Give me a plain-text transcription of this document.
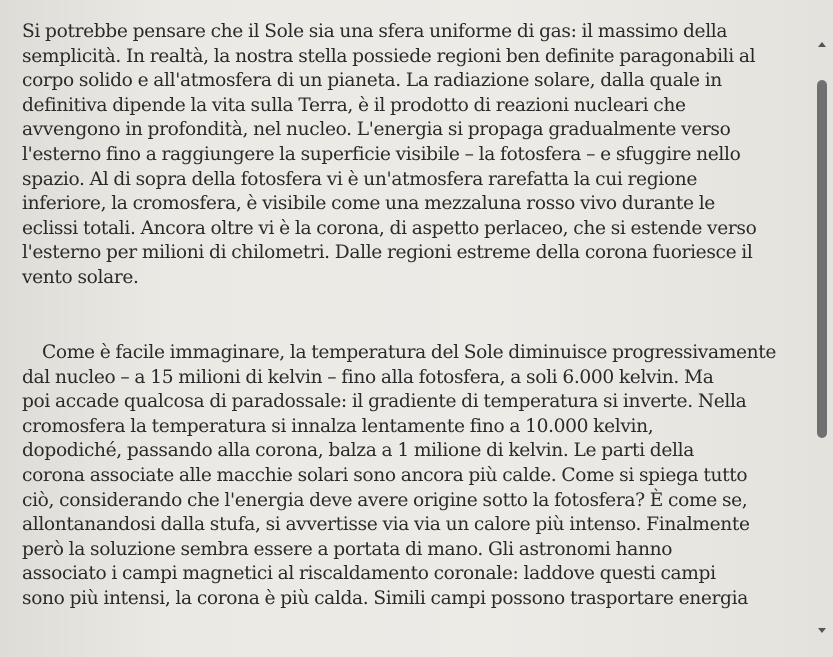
Si potrebbe pensare che il Sole sia una sfera uniforme di gas: il massimo della
semplicità. In realtà, la nostra stella possiede regioni ben definite paragonabili al
corpo solido e all'atmosfera di un pianeta. La radiazione solare, dalla quale in
definitiva dipende la vita sulla Terra, è il prodotto di reazioni nucleari che
avvengono in profondità, nel nucleo. L'energia si propaga gradualmente verso
l'esterno fino a raggiungere la superficie visibile – la fotosfera – e sfuggire nello
spazio. Al di sopra della fotosfera vi è un'atmosfera rarefatta la cui regione
inferiore, la cromosfera, è visibile come una mezzaluna rosso vivo durante le
eclissi totali. Ancora oltre vi è la corona, di aspetto perlaceo, che si estende verso
l'esterno per milioni di chilometri. Dalle regioni estreme della corona fuoriesce il
vento solare.
Come è facile immaginare, la temperatura del Sole diminuisce progressivamente
dal nucleo – a 15 milioni di kelvin – fino alla fotosfera, a soli 6.000 kelvin. Ma
poi accade qualcosa di paradossale: il gradiente di temperatura si inverte. Nella
cromosfera la temperatura si innalza lentamente fino a 10.000 kelvin,
dopodiché, passando alla corona, balza a 1 milione di kelvin. Le parti della
corona associate alle macchie solari sono ancora più calde. Come si spiega tutto
ciò, considerando che l'energia deve avere origine sotto la fotosfera? È come se,
allontanandosi dalla stufa, si avvertisse via via un calore più intenso. Finalmente
però la soluzione sembra essere a portata di mano. Gli astronomi hanno
associato i campi magnetici al riscaldamento coronale: laddove questi campi
sono più intensi, la corona è più calda. Simili campi possono trasportare energia
